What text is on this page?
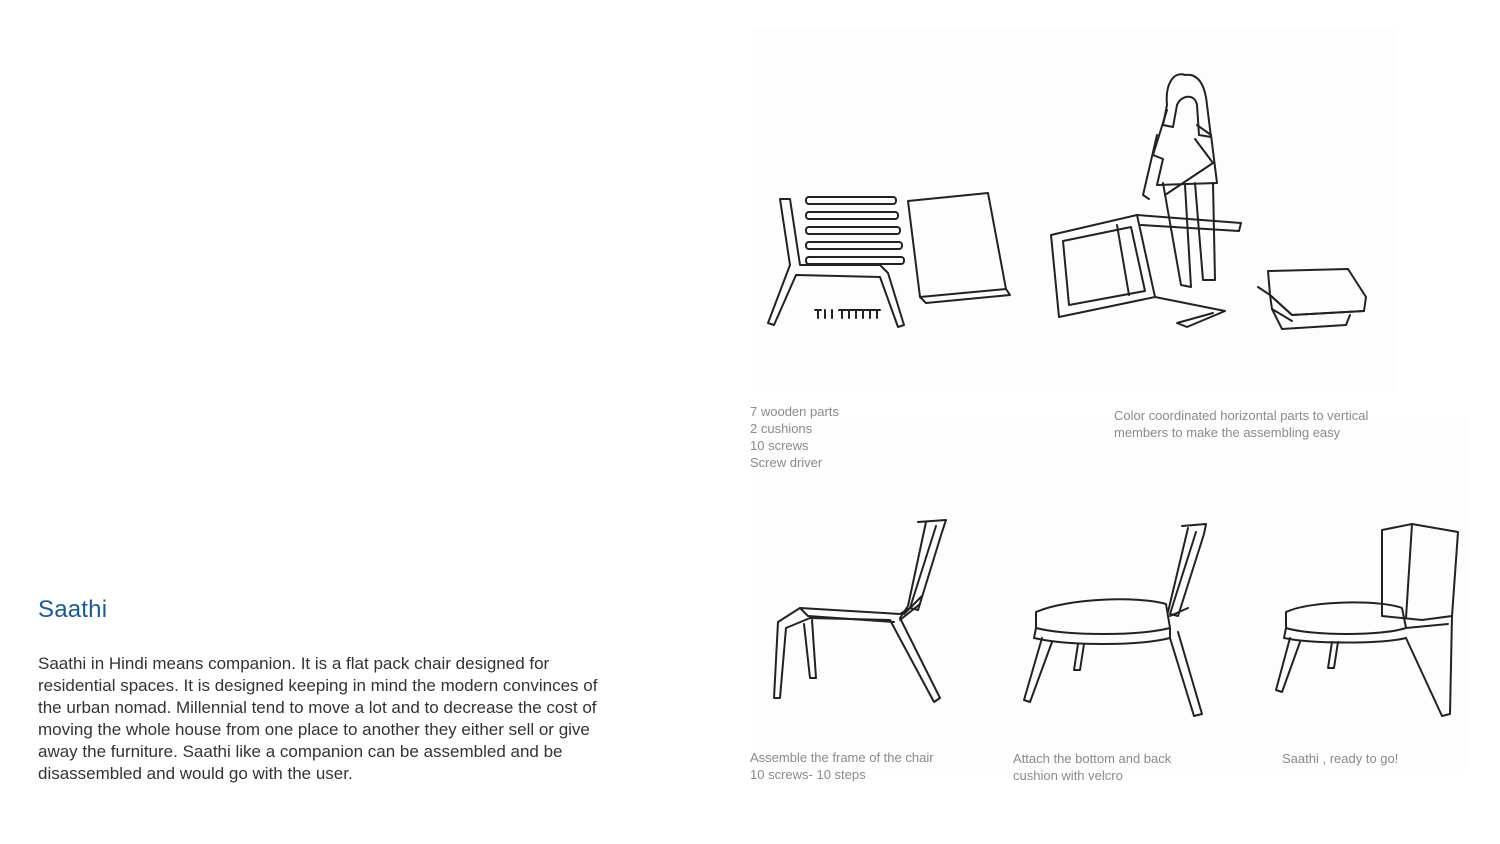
Saathi
Saathi in Hindi means companion. It is a flat pack chair designed for residential spaces. It is designed keeping in mind the modern convinces of the urban nomad. Millennial tend to move a lot and to decrease the cost of moving the whole house from one place to another they either sell or give away the furniture. Saathi like a companion can be assembled and be disassembled and would go with the user.
7 wooden parts
2 cushions
10 screws
Screw driver
Color coordinated horizontal parts to vertical
members to make the assembling easy
Assemble the frame of the chair
10 screws- 10 steps
Attach the bottom and back
cushion with velcro
Saathi , ready to go!
